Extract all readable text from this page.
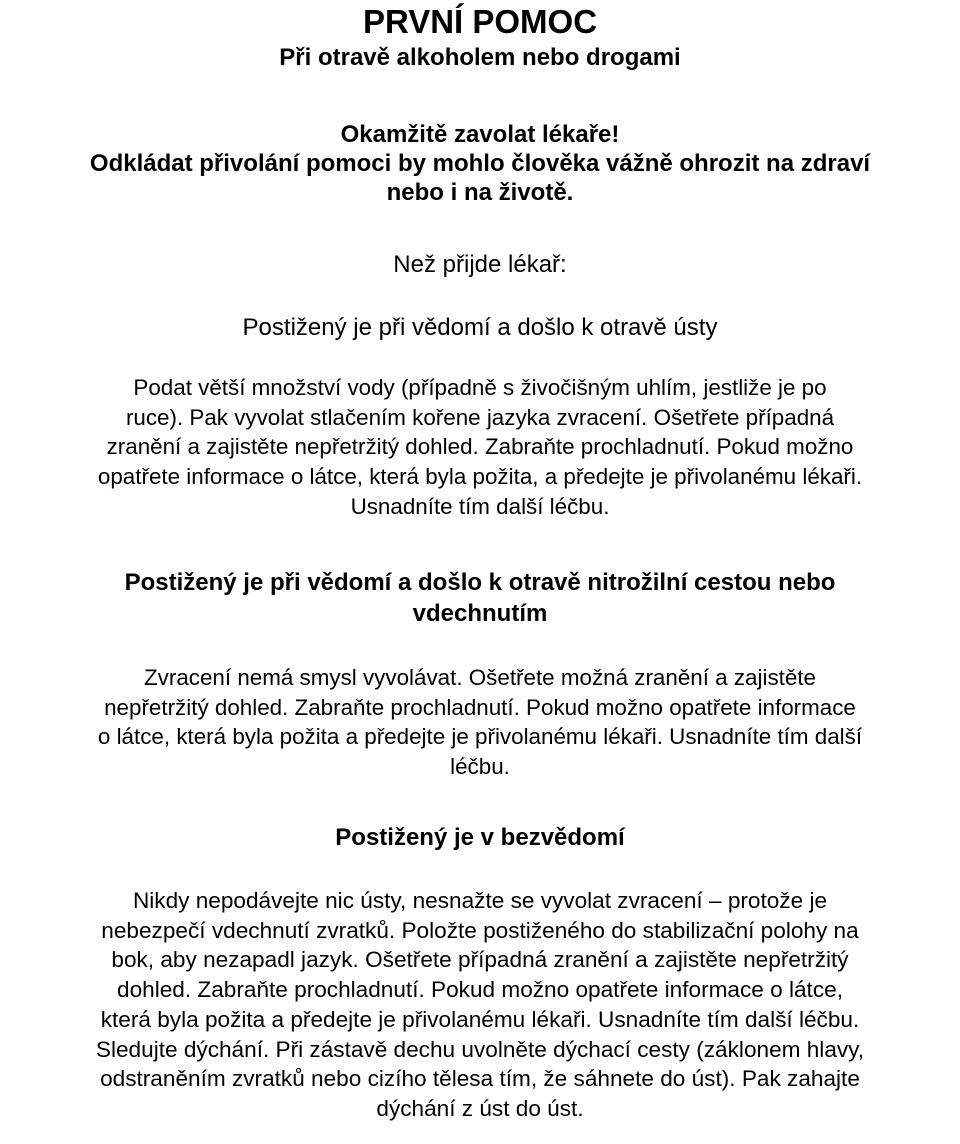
PRVNÍ POMOC
Při otravě alkoholem nebo drogami
Okamžitě zavolat lékaře!
Odkládat přivolání pomoci by mohlo člověka vážně ohrozit na zdraví
nebo i na životě.

Než přijde lékař:

Postižený je při vědomí a došlo k otravě ústy
Podat větší množství vody (případně s živočišným uhlím, jestliže je po
ruce). Pak vyvolat stlačením kořene jazyka zvracení. Ošetřete případná
zranění a zajistěte nepřetržitý dohled. Zabraňte prochladnutí. Pokud možno
opatřete informace o látce, která byla požita, a předejte je přivolanému lékaři.
Usnadníte tím další léčbu.
Postižený je při vědomí a došlo k otravě nitrožilní cestou nebo
vdechnutím
Zvracení nemá smysl vyvolávat. Ošetřete možná zranění a zajistěte
nepřetržitý dohled. Zabraňte prochladnutí. Pokud možno opatřete informace
o látce, která byla požita a předejte je přivolanému lékaři. Usnadníte tím další
léčbu.
Postižený je v bezvědomí
Nikdy nepodávejte nic ústy, nesnažte se vyvolat zvracení – protože je
nebezpečí vdechnutí zvratků. Položte postiženého do stabilizační polohy na
bok, aby nezapadl jazyk. Ošetřete případná zranění a zajistěte nepřetržitý
dohled. Zabraňte prochladnutí. Pokud možno opatřete informace o látce,
která byla požita a předejte je přivolanému lékaři. Usnadníte tím další léčbu.
Sledujte dýchání. Při zástavě dechu uvolněte dýchací cesty (záklonem hlavy,
odstraněním zvratků nebo cizího tělesa tím, že sáhnete do úst). Pak zahajte
dýchání z úst do úst.
